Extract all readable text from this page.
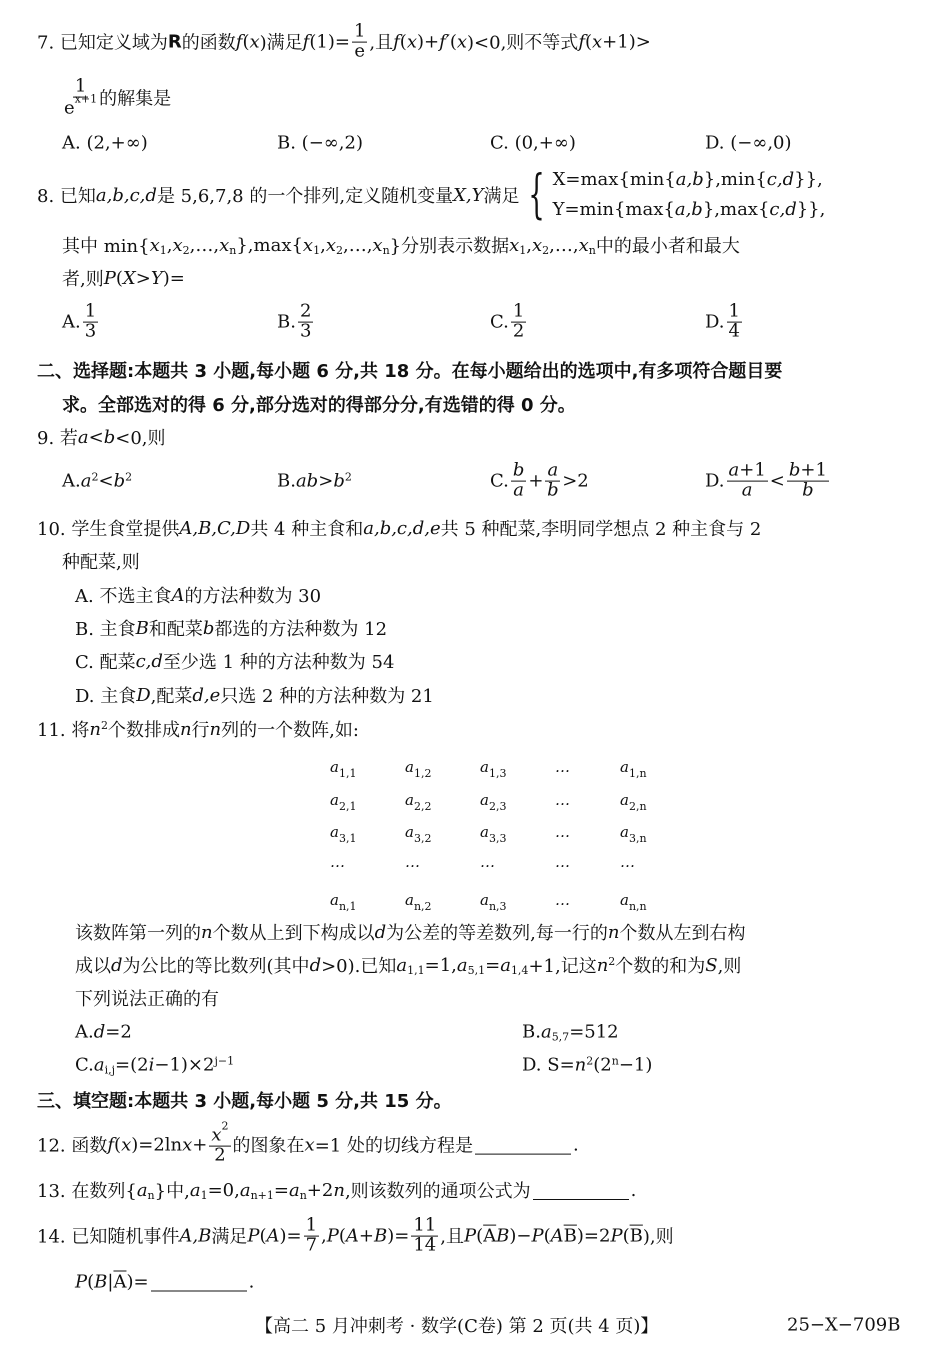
【高二 5 月冲刺考 · 数学(C卷) 第 2 页(共 4 页)】	25−X−709B
7. 已知定义域为 R 的函数 f ( x )满足 f $(1)= \frac{1}{e}$ ,且 f ( x )+ f′ ( x )<0,则不等式 f ( x +1)>
$\frac{1}{e^{x+1}}$ 的解集是
A. (2,+∞)	B. (−∞,2)	C. (0,+∞)	D. (−∞,0)
8. 已知 a,b,c,d 是 5,6,7,8 的一个排列,定义随机变量 X,Y 满足 { X=max{min{a,b},min{c,d}},
Y=min{max{a,b},max{c,d}},
其中 min{ x 1 , x 2 ,…, x n },max{ x 1 , x 2 ,…, x n }分别表示数据 x 1 , x 2 ,…, x n 中的最小者和最大
者,则 P ( X > Y )=
A. $\frac{1}{3}$	B. $\frac{2}{3}$	C. $\frac{1}{2}$	D. $\frac{1}{4}$
二、选择题:本题共 3 小题,每小题 6 分,共 18 分。在每小题给出的选项中,有多项符合题目要
求。全部选对的得 6 分,部分选对的得部分分,有选错的得 0 分。
9. 若 a < b <0,则
A. a 2 < b 2	B. ab > b 2	C. $\frac{b}{a} + \frac{a}{b} >2$	D. $\frac{a+1}{a} < \frac{b+1}{b}$
10. 学生食堂提供 A,B,C,D 共 4 种主食和 a,b,c,d,e 共 5 种配菜,李明同学想点 2 种主食与 2
种配菜,则
A. 不选主食 A 的方法种数为 30
B. 主食 B 和配菜 b 都选的方法种数为 12
C. 配菜 c,d 至少选 1 种的方法种数为 54
D. 主食 D ,配菜 d,e 只选 2 种的方法种数为 21
11. 将 n 2 个数排成 n 行 n 列的一个数阵,如:
该数阵第一列的 n 个数从上到下构成以 d 为公差的等差数列,每一行的 n 个数从左到右构
成以 d 为公比的等比数列(其中 d >0).已知 a 1,1 =1, a 5,1 = a 1,4 +1,记这 n 2 个数的和为 S ,则
下列说法正确的有
A. d =2	B. a 5,7 =512
C. a i,j =(2 i −1)×2 j−1	D. S= n 2 (2 n −1)
三、填空题:本题共 3 小题,每小题 5 分,共 15 分。
12. 函数 f ( x )=2ln $x + \frac{x^2}{2}$ 的图象在 x =1 处的切线方程是	.
13. 在数列{ a n }中, a 1 =0, a n+1 = a n +2 n ,则该数列的通项公式为	.
14. 已知随机事件 A,B 满足 P ( A )= $\frac{1}{7}$ , P ( A + B )= $\frac{11}{14}$ ,且 P ( $\overline{A}$ B )− P ( A $\overline{B}$ )=2 P ( $\overline{B}$ ),则
P ( B | $\overline{A}$ )=	.
$a_{1,1}$	$a_{1,2}$	$a_{1,3}$	…	$a_{1,n}$
$a_{2,1}$	$a_{2,2}$	$a_{2,3}$	…	$a_{2,n}$
$a_{3,1}$	$a_{3,2}$	$a_{3,3}$	…	$a_{3,n}$
…	…	…	…	…
$a_{n,1}$	$a_{n,2}$	$a_{n,3}$	…	$a_{n,n}$
